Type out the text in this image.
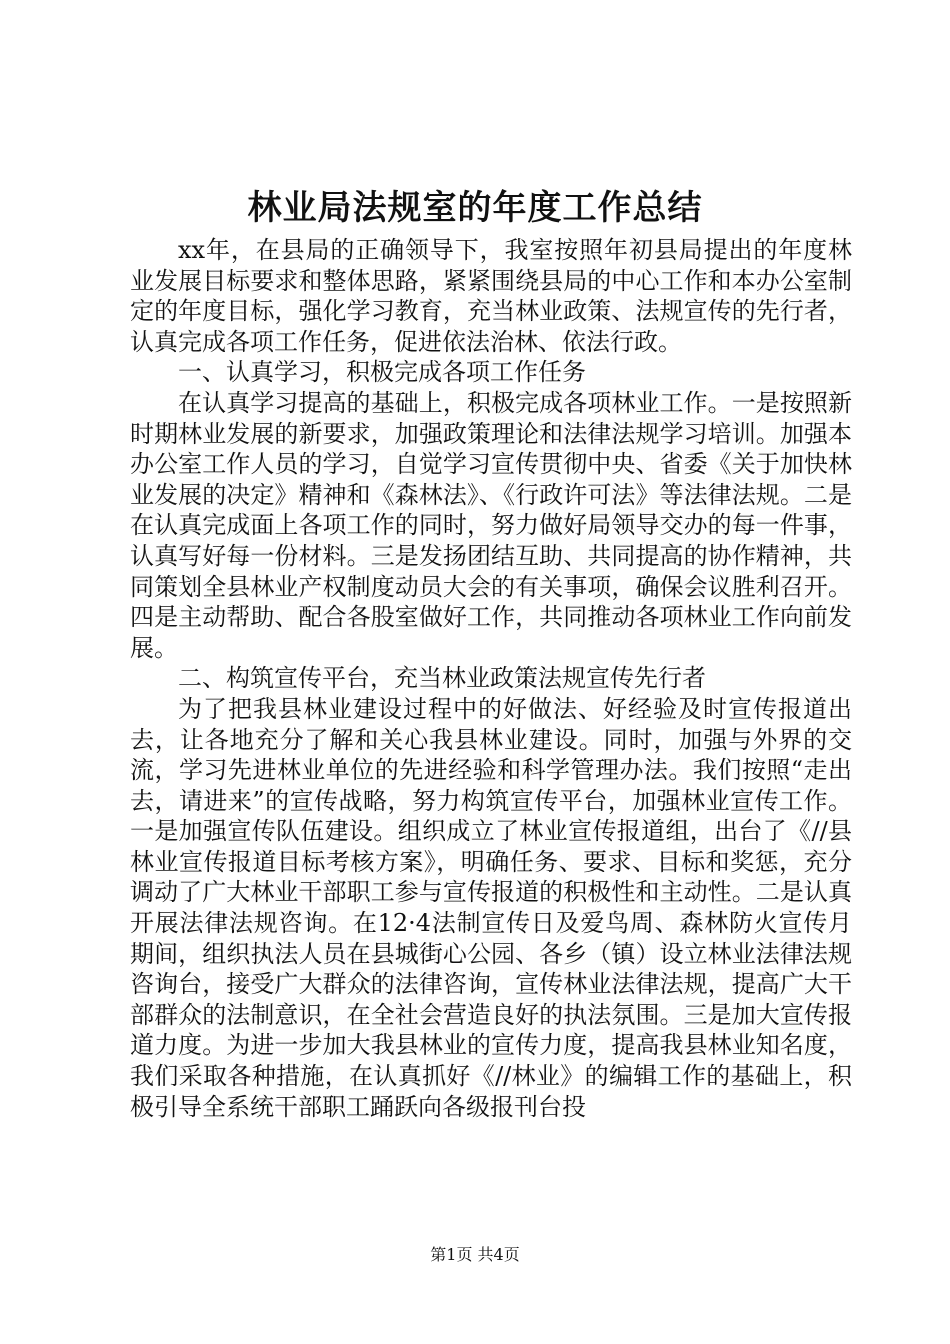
林业局法规室的年度工作总结

xx年，在县局的正确领导下，我室按照年初县局提出的年度林业发展目标要求和整体思路，紧紧围绕县局的中心工作和本办公室制定的年度目标，强化学习教育，充当林业政策、法规宣传的先行者，认真完成各项工作任务，促进依法治林、依法行政。

一、认真学习，积极完成各项工作任务

在认真学习提高的基础上，积极完成各项林业工作。一是按照新时期林业发展的新要求，加强政策理论和法律法规学习培训。加强本办公室工作人员的学习，自觉学习宣传贯彻中央、省委《关于加快林业发展的决定》精神和《森林法》、《行政许可法》等法律法规。二是在认真完成面上各项工作的同时，努力做好局领导交办的每一件事，认真写好每一份材料。三是发扬团结互助、共同提高的协作精神，共同策划全县林业产权制度动员大会的有关事项，确保会议胜利召开。四是主动帮助、配合各股室做好工作，共同推动各项林业工作向前发展。

二、构筑宣传平台，充当林业政策法规宣传先行者

为了把我县林业建设过程中的好做法、好经验及时宣传报道出去，让各地充分了解和关心我县林业建设。同时，加强与外界的交流，学习先进林业单位的先进经验和科学管理办法。我们按照“走出去，请进来”的宣传战略，努力构筑宣传平台，加强林业宣传工作。一是加强宣传队伍建设。组织成立了林业宣传报道组，出台了《//县林业宣传报道目标考核方案》，明确任务、要求、目标和奖惩，充分调动了广大林业干部职工参与宣传报道的积极性和主动性。二是认真开展法律法规咨询。在12·4法制宣传日及爱鸟周、森林防火宣传月期间，组织执法人员在县城街心公园、各乡（镇）设立林业法律法规咨询台，接受广大群众的法律咨询，宣传林业法律法规，提高广大干部群众的法制意识，在全社会营造良好的执法氛围。三是加大宣传报道力度。为进一步加大我县林业的宣传力度，提高我县林业知名度，我们采取各种措施，在认真抓好《//林业》的编辑工作的基础上，积极引导全系统干部职工踊跃向各级报刊台投

第1页 共4页
